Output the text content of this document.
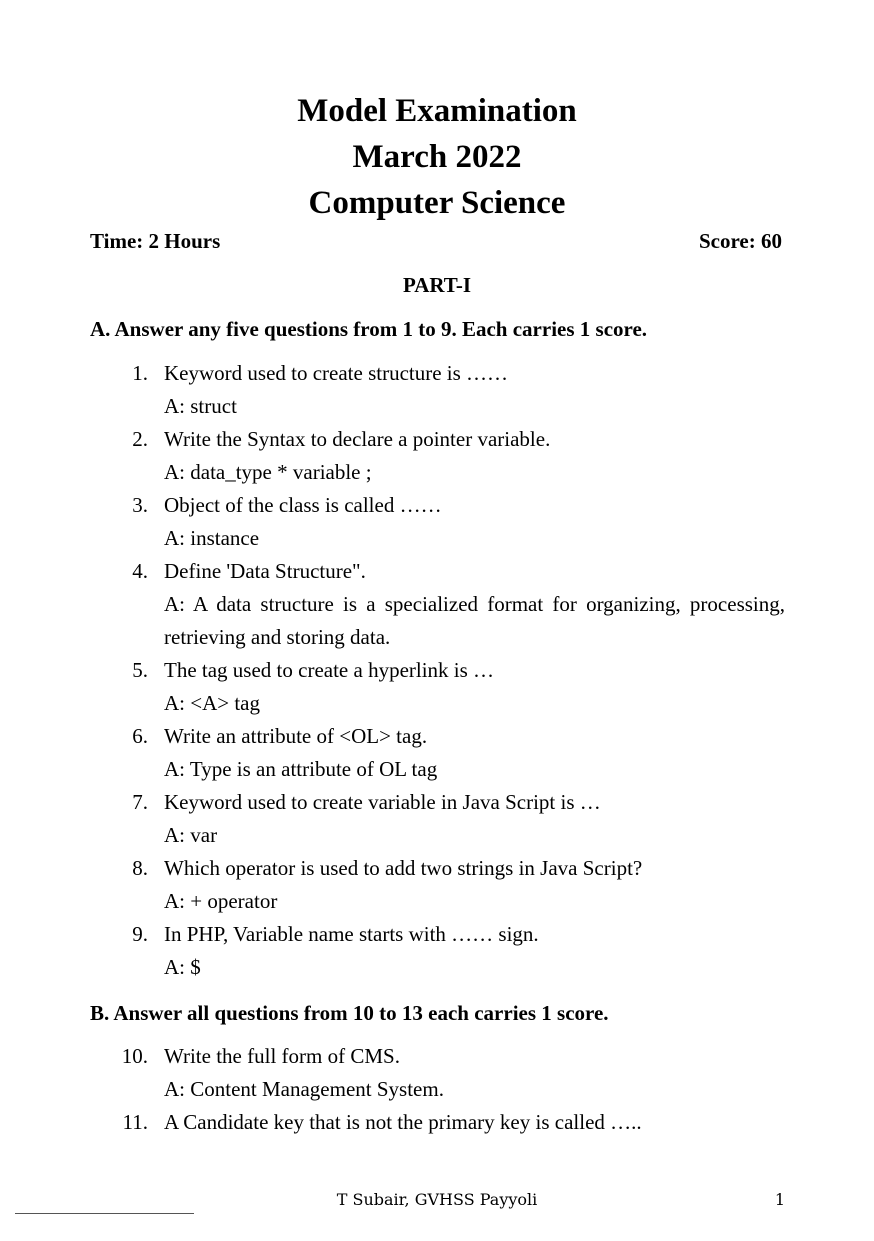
Model Examination
March 2022
Computer Science
Time: 2 Hours	Score: 60
PART-I
A. Answer any five questions from 1 to 9. Each carries 1 score.
1. Keyword used to create structure is ……
A: struct
2. Write the Syntax to declare a pointer variable.
A: data_type * variable ;
3. Object of the class is called ……
A: instance
4. Define 'Data Structure".
A: A data structure is a specialized format for organizing, processing, retrieving and storing data.
5. The tag used to create a hyperlink is …
A: <A> tag
6. Write an attribute of <OL> tag.
A: Type is an attribute of OL tag
7. Keyword used to create variable in Java Script is …
A: var
8. Which operator is used to add two strings in Java Script?
A: + operator
9. In PHP, Variable name starts with …… sign.
A: $
B. Answer all questions from 10 to 13 each carries 1 score.
10. Write the full form of CMS.
A: Content Management System.
11. A Candidate key that is not the primary key is called …..
T Subair, GVHSS Payyoli	1
